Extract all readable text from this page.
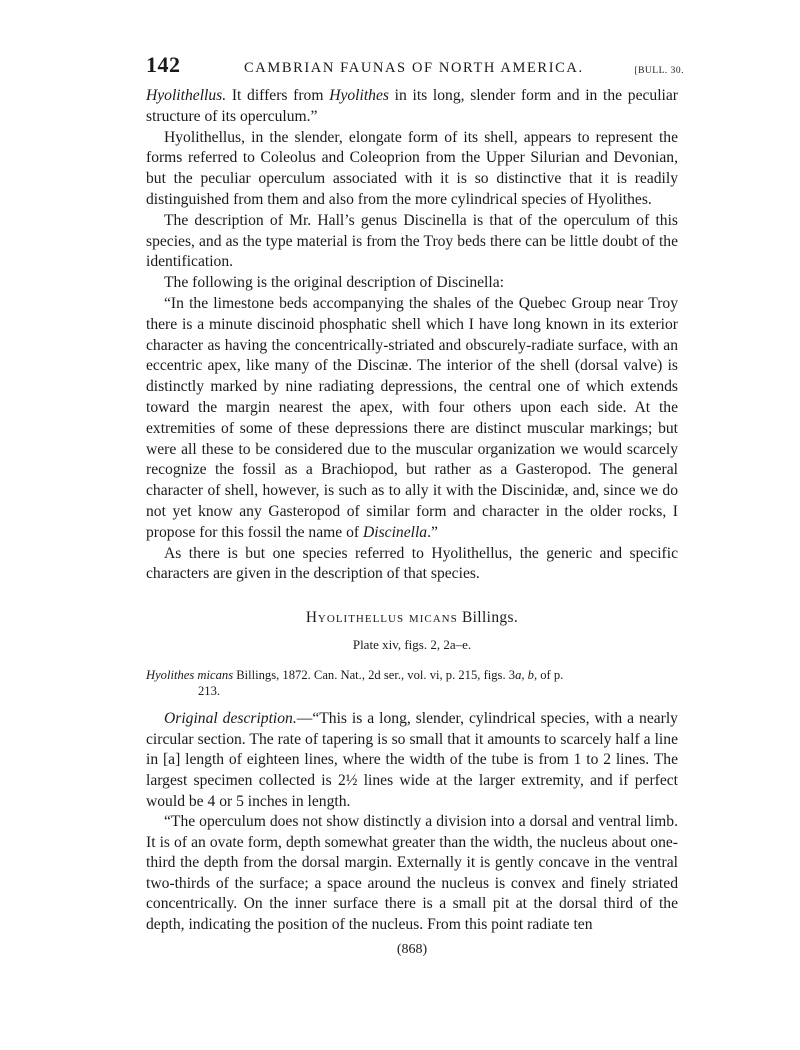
142	CAMBRIAN FAUNAS OF NORTH AMERICA.	[BULL. 30.

Hyolithellus. It differs from Hyolithes in its long, slender form and in the peculiar structure of its operculum.”

Hyolithellus, in the slender, elongate form of its shell, appears to represent the forms referred to Coleolus and Coleoprion from the Upper Silurian and Devonian, but the peculiar operculum associated with it is so distinctive that it is readily distinguished from them and also from the more cylindrical species of Hyolithes.

The description of Mr. Hall’s genus Discinella is that of the operculum of this species, and as the type material is from the Troy beds there can be little doubt of the identification.

The following is the original description of Discinella:

“In the limestone beds accompanying the shales of the Quebec Group near Troy there is a minute discinoid phosphatic shell which I have long known in its exterior character as having the concentrically-striated and obscurely-radiate surface, with an eccentric apex, like many of the Discinæ. The interior of the shell (dorsal valve) is distinctly marked by nine radiating depressions, the central one of which extends toward the margin nearest the apex, with four others upon each side. At the extremities of some of these depressions there are distinct muscular markings; but were all these to be considered due to the muscular organization we would scarcely recognize the fossil as a Brachiopod, but rather as a Gasteropod. The general character of shell, however, is such as to ally it with the Discinidæ, and, since we do not yet know any Gasteropod of similar form and character in the older rocks, I propose for this fossil the name of Discinella.”

As there is but one species referred to Hyolithellus, the generic and specific characters are given in the description of that species.

Hyolithellus micans Billings.
Plate xiv, figs. 2, 2a–e.
Hyolithes micans Billings, 1872. Can. Nat., 2d ser., vol. vi, p. 215, figs. 3a, b, of p.
213.

Original description.—“This is a long, slender, cylindrical species, with a nearly circular section. The rate of tapering is so small that it amounts to scarcely half a line in [a] length of eighteen lines, where the width of the tube is from 1 to 2 lines. The largest specimen collected is 2½ lines wide at the larger extremity, and if perfect would be 4 or 5 inches in length.

“The operculum does not show distinctly a division into a dorsal and ventral limb. It is of an ovate form, depth somewhat greater than the width, the nucleus about one-third the depth from the dorsal margin. Externally it is gently concave in the ventral two-thirds of the surface; a space around the nucleus is convex and finely striated concentrically. On the inner surface there is a small pit at the dorsal third of the depth, indicating the position of the nucleus. From this point radiate ten

(868)
